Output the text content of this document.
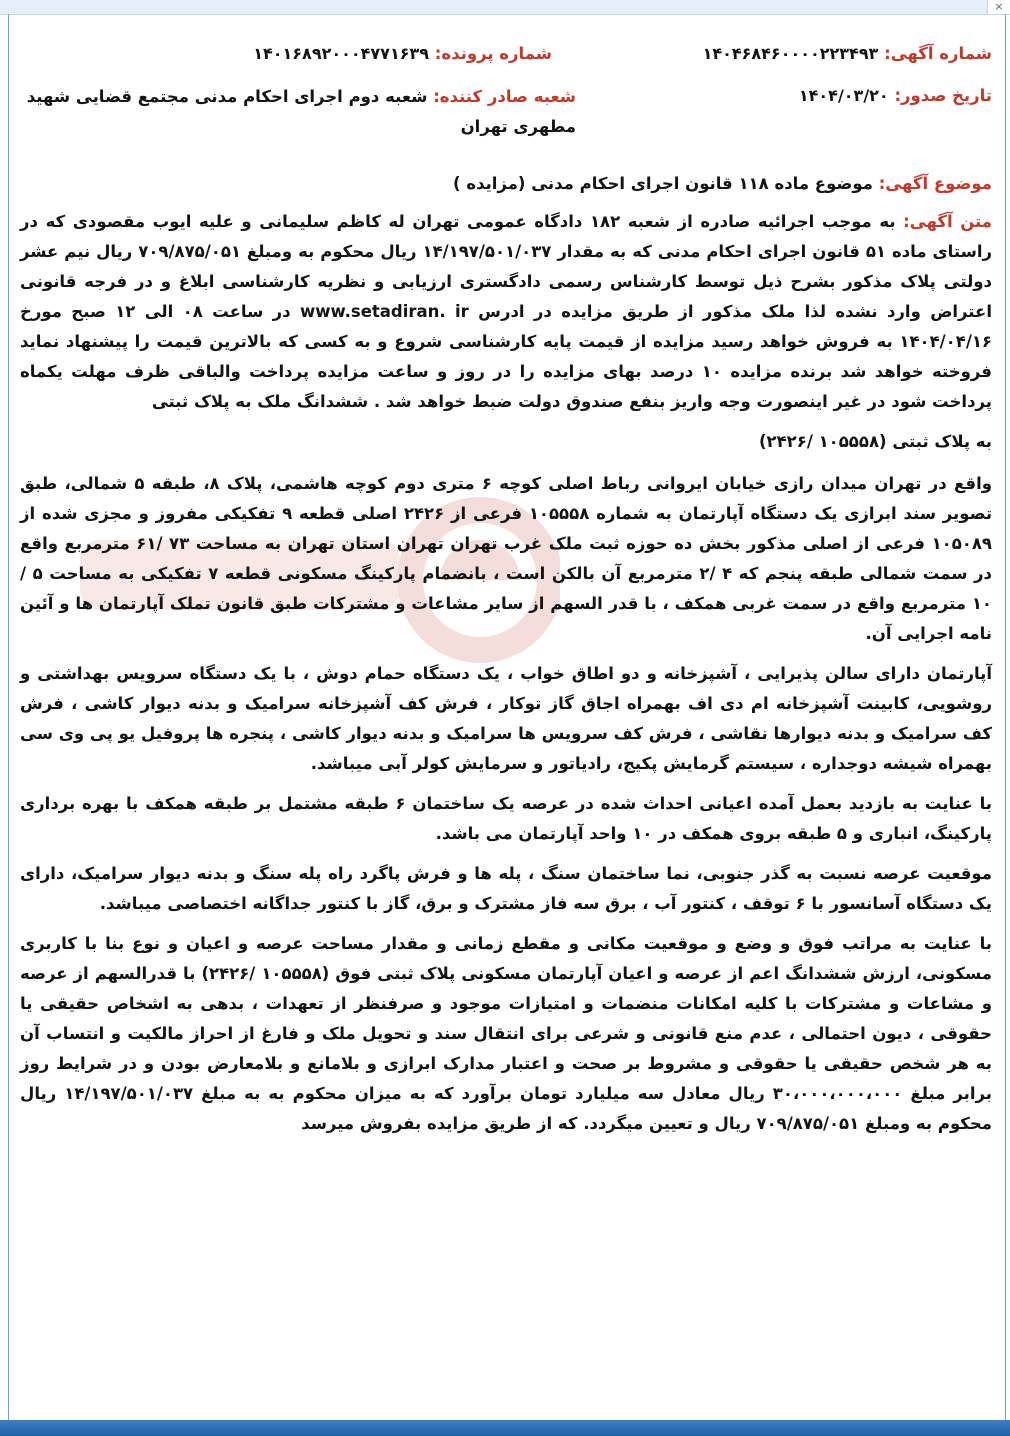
×
شماره آگهی: ۱۴۰۴۶۸۴۶۰۰۰۰۲۲۳۴۹۳
شماره پرونده: ۱۴۰۱۶۸۹۲۰۰۰۴۷۷۱۶۳۹
تاریخ صدور: ۱۴۰۴/۰۳/۲۰
شعبه صادر کننده: شعبه دوم اجرای احکام مدنی مجتمع قضایی شهید مطهری تهران
موضوع آگهی: موضوع ماده ۱۱۸ قانون اجرای احکام مدنی (مزایده )

متن آگهی: به موجب اجرائیه صادره از شعبه ۱۸۲ دادگاه عمومی تهران له کاظم سلیمانی و علیه ایوب مقصودی که در راستای ماده ۵۱ قانون اجرای احکام مدنی که به مقدار ۱۴/۱۹۷/۵۰۱/۰۳۷ ریال محکوم به ومبلغ ۷۰۹/۸۷۵/۰۵۱ ریال نیم عشر دولتی پلاک مذکور بشرح ذیل توسط کارشناس رسمی دادگستری ارزیابی و نظریه کارشناسی ابلاغ و در فرجه قانونی اعتراض وارد نشده لذا ملک مذکور از طریق مزایده در ادرس www.setadiran. ir در ساعت ۰۸ الی ۱۲ صبح مورخ ۱۴۰۴/۰۴/۱۶ به فروش خواهد رسید مزایده از قیمت پایه کارشناسی شروع و به کسی که بالاترین قیمت را پیشنهاد نماید فروخته خواهد شد برنده مزایده ۱۰ درصد بهای مزایده را در روز و ساعت مزایده پرداخت والباقی ظرف مهلت یکماه پرداخت شود در غیر اینصورت وجه واریز بنفع صندوق دولت ضبط خواهد شد . ششدانگ ملک به پلاک ثبتی

به پلاک ثبتی (۱۰۵۵۵۸ /۲۴۲۶)

واقع در تهران میدان رازی خیابان ایروانی رباط اصلی کوچه ۶ متری دوم کوچه هاشمی، پلاک ۸، طبقه ۵ شمالی، طبق تصویر سند ابرازی یک دستگاه آپارتمان به شماره ۱۰۵۵۵۸ فرعی از ۲۴۲۶ اصلی قطعه ۹ تفکیکی مفروز و مجزی شده از ۱۰۵۰۸۹ فرعی از اصلی مذکور بخش ده حوزه ثبت ملک غرب تهران تهران استان تهران به مساحت ۷۳ /۶۱ مترمربع واقع در سمت شمالی طبقه پنجم که ۴ /۲ مترمربع آن بالکن است ، بانضمام پارکینگ مسکونی قطعه ۷ تفکیکی به مساحت ۵ /۱۰ مترمربع واقع در سمت غربی همکف ، با قدر السهم از سایر مشاعات و مشترکات طبق قانون تملک آپارتمان ها و آئین نامه اجرایی آن.

آپارتمان دارای سالن پذیرایی ، آشپزخانه و دو اطاق خواب ، یک دستگاه حمام دوش ، با یک دستگاه سرویس بهداشتی و روشویی، کابینت آشپزخانه ام دی اف بهمراه اجاق گاز توکار ، فرش کف آشپزخانه سرامیک و بدنه دیوار کاشی ، فرش کف سرامیک و بدنه دیوارها نقاشی ، فرش کف سرویس ها سرامیک و بدنه دیوار کاشی ، پنجره ها پروفیل یو پی وی سی بهمراه شیشه دوجداره ، سیستم گرمایش پکیج، رادیاتور و سرمایش کولر آبی میباشد.

با عنایت به بازدید بعمل آمده اعیانی احداث شده در عرصه یک ساختمان ۶ طبقه مشتمل بر طبقه همکف با بهره برداری پارکینگ، انباری و ۵ طبقه بروی همکف در ۱۰ واحد آپارتمان می باشد.

موقعیت عرصه نسبت به گذر جنوبی، نما ساختمان سنگ ، پله ها و فرش پاگرد راه پله سنگ و بدنه دیوار سرامیک، دارای یک دستگاه آسانسور با ۶ توقف ، کنتور آب ، برق سه فاز مشترک و برق، گاز با کنتور جداگانه اختصاصی میباشد.

با عنایت به مراتب فوق و وضع و موقعیت مکانی و مقطع زمانی و مقدار مساحت عرصه و اعیان و نوع بنا با کاربری مسکونی، ارزش ششدانگ اعم از عرصه و اعیان آپارتمان مسکونی پلاک ثبتی فوق (۱۰۵۵۵۸ /۲۴۲۶) با قدرالسهم از عرصه و مشاعات و مشترکات با کلیه امکانات منضمات و امتیازات موجود و صرفنظر از تعهدات ، بدهی به اشخاص حقیقی یا حقوقی ، دیون احتمالی ، عدم منع قانونی و شرعی برای انتقال سند و تحویل ملک و فارغ از احراز مالکیت و انتساب آن به هر شخص حقیقی یا حقوقی و مشروط بر صحت و اعتبار مدارک ابرازی و بلامانع و بلامعارض بودن و در شرایط روز برابر مبلغ ۳۰،۰۰۰،۰۰۰،۰۰۰ ریال معادل سه میلیارد تومان برآورد که به میزان محکوم به به مبلغ ۱۴/۱۹۷/۵۰۱/۰۳۷ ریال محکوم به ومبلغ ۷۰۹/۸۷۵/۰۵۱ ریال و تعیین میگردد. که از طریق مزایده بفروش میرسد
